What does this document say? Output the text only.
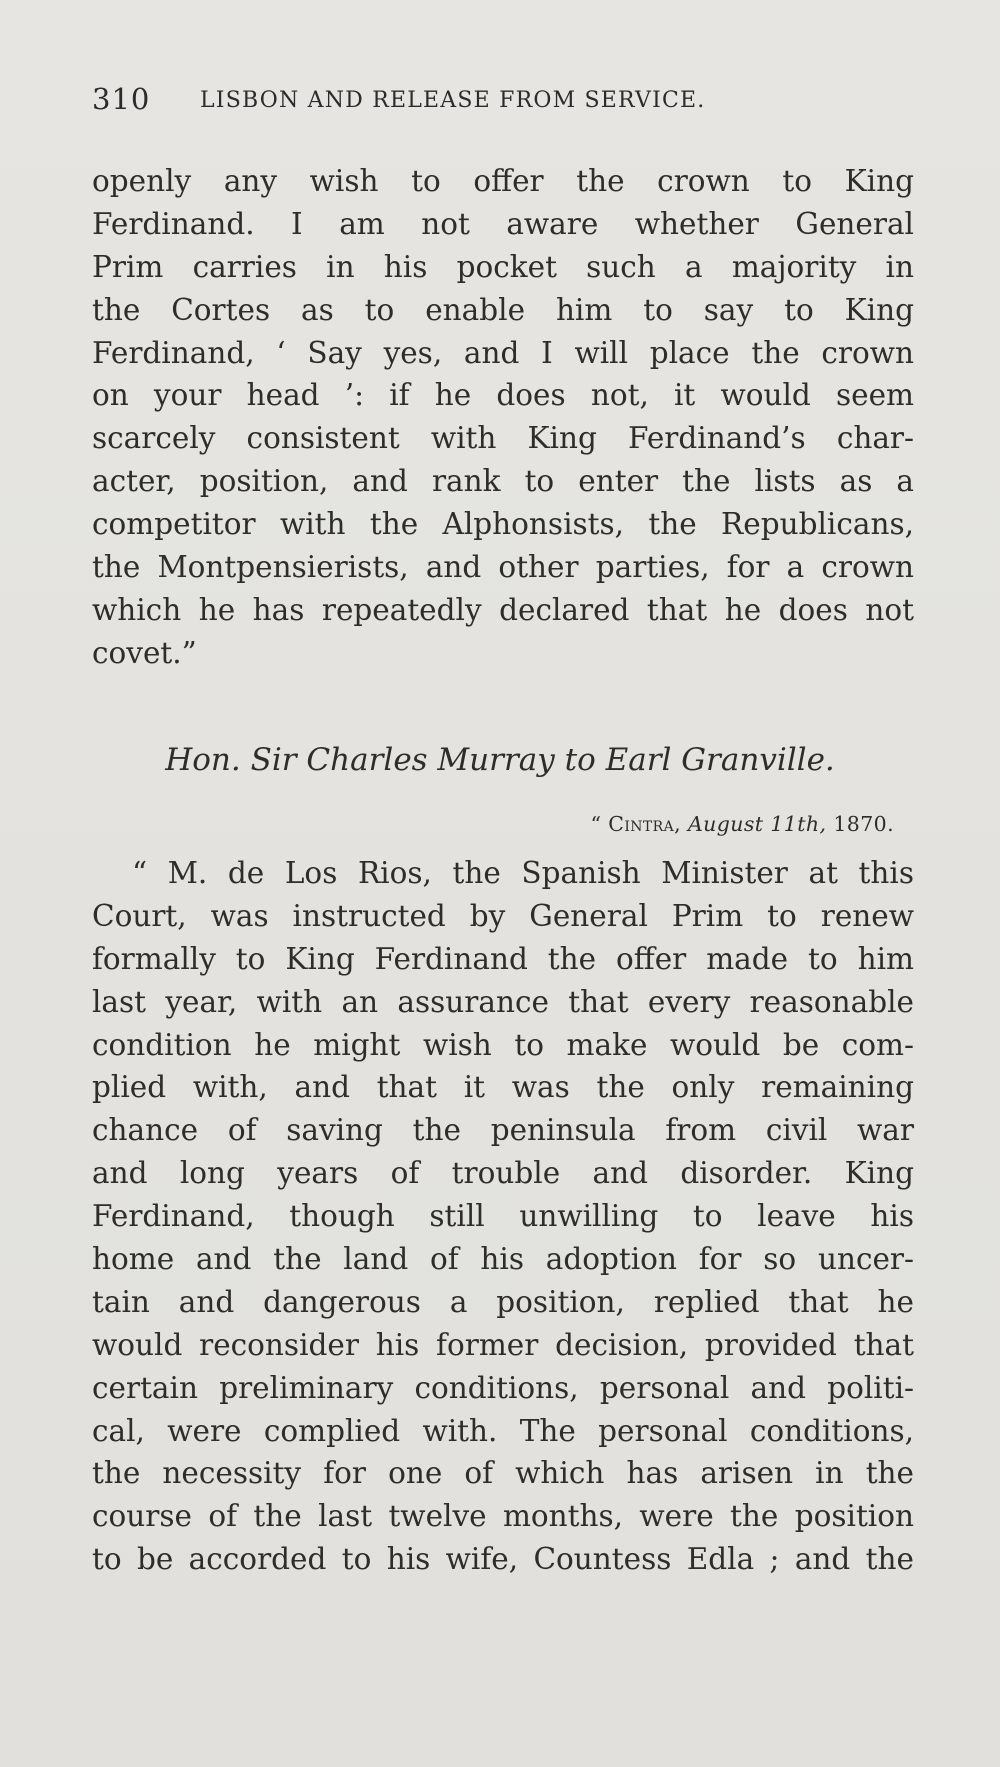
310 LISBON AND RELEASE FROM SERVICE.
openly any wish to offer the crown to King
Ferdinand. I am not aware whether General
Prim carries in his pocket such a majority in
the Cortes as to enable him to say to King
Ferdinand, ‘ Say yes, and I will place the crown
on your head ’: if he does not, it would seem
scarcely consistent with King Ferdinand’s char-
acter, position, and rank to enter the lists as a
competitor with the Alphonsists, the Republicans,
the Montpensierists, and other parties, for a crown
which he has repeatedly declared that he does not
covet.”
Hon. Sir Charles Murray to Earl Granville.
“ Cintra, August 11th, 1870.
“ M. de Los Rios, the Spanish Minister at this
Court, was instructed by General Prim to renew
formally to King Ferdinand the offer made to him
last year, with an assurance that every reasonable
condition he might wish to make would be com-
plied with, and that it was the only remaining
chance of saving the peninsula from civil war
and long years of trouble and disorder. King
Ferdinand, though still unwilling to leave his
home and the land of his adoption for so uncer-
tain and dangerous a position, replied that he
would reconsider his former decision, provided that
certain preliminary conditions, personal and politi-
cal, were complied with. The personal conditions,
the necessity for one of which has arisen in the
course of the last twelve months, were the position
to be accorded to his wife, Countess Edla ; and the
